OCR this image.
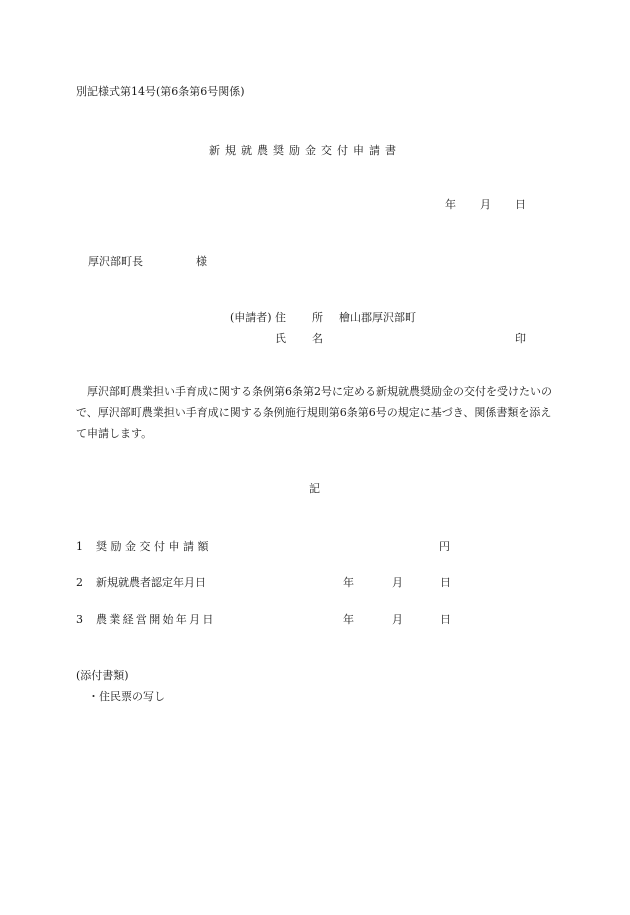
別記様式第14号(第6条第6号関係)
新規就農奨励金交付申請書
年 月 日
厚沢部町長	様
(申請者) 住 所 檜山郡厚沢部町
氏 名	印
厚沢部町農業担い手育成に関する条例第6条第2号に定める新規就農奨励金の交付を受けたいので、厚沢部町農業担い手育成に関する条例施行規則第6条第6号の規定に基づき、関係書類を添えて申請します。
記
1 奨励金交付申請額	円
2 新規就農者認定年月日	年	月	日
3 農業経営開始年月日	年	月	日
(添付書類)
・住民票の写し
